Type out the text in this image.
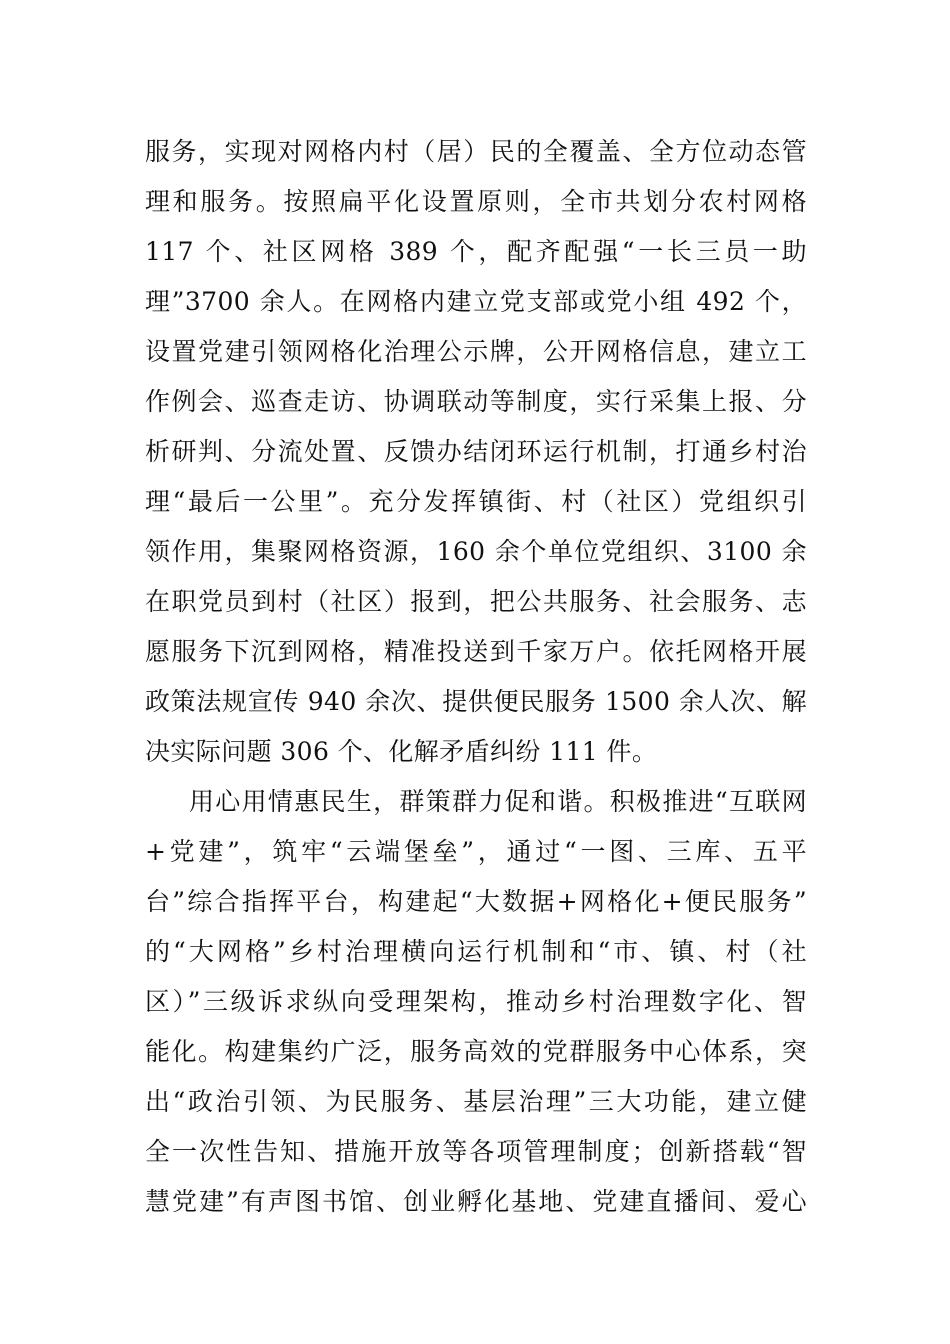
服务，实现对网格内村（居）民的全覆盖、全方位动态管
理和服务。按照扁平化设置原则，全市共划分农村网格
117 个、社区网格 389 个，配齐配强“一长三员一助
理”3700 余人。在网格内建立党支部或党小组 492 个，
设置党建引领网格化治理公示牌，公开网格信息，建立工
作例会、巡查走访、协调联动等制度，实行采集上报、分
析研判、分流处置、反馈办结闭环运行机制，打通乡村治
理“最后一公里”。充分发挥镇街、村（社区）党组织引
领作用，集聚网格资源，160 余个单位党组织、3100 余
在职党员到村（社区）报到，把公共服务、社会服务、志
愿服务下沉到网格，精准投送到千家万户。依托网格开展
政策法规宣传 940 余次、提供便民服务 1500 余人次、解
决实际问题 306 个、化解矛盾纠纷 111 件。
用心用情惠民生，群策群力促和谐。积极推进“互联网
+党建”，筑牢“云端堡垒”，通过“一图、三库、五平
台”综合指挥平台，构建起“大数据+网格化+便民服务”
的“大网格”乡村治理横向运行机制和“市、镇、村（社
区）”三级诉求纵向受理架构，推动乡村治理数字化、智
能化。构建集约广泛，服务高效的党群服务中心体系，突
出“政治引领、为民服务、基层治理”三大功能，建立健
全一次性告知、措施开放等各项管理制度；创新搭载“智
慧党建”有声图书馆、创业孵化基地、党建直播间、爱心
